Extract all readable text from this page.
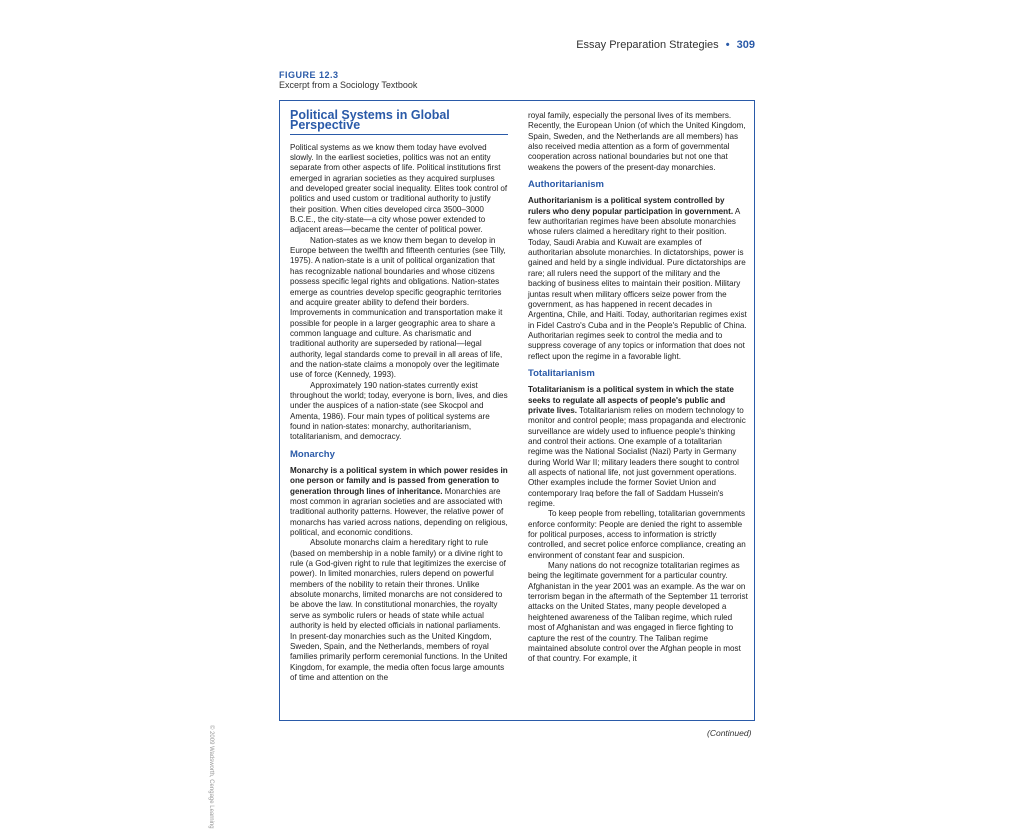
Essay Preparation Strategies • 309
FIGURE 12.3
Excerpt from a Sociology Textbook
Political Systems in Global Perspective

Political systems as we know them today have evolved slowly. In the earliest societies, politics was not an entity separate from other aspects of life. Political institutions first emerged in agrarian societies as they acquired surpluses and developed greater social inequality. Elites took control of politics and used custom or traditional authority to justify their position. When cities developed circa 3500–3000 B.C.E., the city-state—a city whose power extended to adjacent areas—became the center of political power.

Nation-states as we know them began to develop in Europe between the twelfth and fifteenth centuries (see Tilly, 1975). A nation-state is a unit of political organization that has recognizable national boundaries and whose citizens possess specific legal rights and obligations. Nation-states emerge as countries develop specific geographic territories and acquire greater ability to defend their borders. Improvements in communication and transportation make it possible for people in a larger geographic area to share a common language and culture. As charismatic and traditional authority are superseded by rational—legal authority, legal standards come to prevail in all areas of life, and the nation-state claims a monopoly over the legitimate use of force (Kennedy, 1993).

Approximately 190 nation-states currently exist throughout the world; today, everyone is born, lives, and dies under the auspices of a nation-state (see Skocpol and Amenta, 1986). Four main types of political systems are found in nation-states: monarchy, authoritarianism, totalitarianism, and democracy.

Monarchy

Monarchy is a political system in which power resides in one person or family and is passed from generation to generation through lines of inheritance. Monarchies are most common in agrarian societies and are associated with traditional authority patterns. However, the relative power of monarchs has varied across nations, depending on religious, political, and economic conditions.

Absolute monarchs claim a hereditary right to rule (based on membership in a noble family) or a divine right to rule (a God-given right to rule that legitimizes the exercise of power). In limited monarchies, rulers depend on powerful members of the nobility to retain their thrones. Unlike absolute monarchs, limited monarchs are not considered to be above the law. In constitutional monarchies, the royalty serve as symbolic rulers or heads of state while actual authority is held by elected officials in national parliaments. In present-day monarchies such as the United Kingdom, Sweden, Spain, and the Netherlands, members of royal families primarily perform ceremonial functions. In the United Kingdom, for example, the media often focus large amounts of time and attention on the

royal family, especially the personal lives of its members. Recently, the European Union (of which the United Kingdom, Spain, Sweden, and the Netherlands are all members) has also received media attention as a form of governmental cooperation across national boundaries but not one that weakens the powers of the present-day monarchies.

Authoritarianism

Authoritarianism is a political system controlled by rulers who deny popular participation in government. A few authoritarian regimes have been absolute monarchies whose rulers claimed a hereditary right to their position. Today, Saudi Arabia and Kuwait are examples of authoritarian absolute monarchies. In dictatorships, power is gained and held by a single individual. Pure dictatorships are rare; all rulers need the support of the military and the backing of business elites to maintain their position. Military juntas result when military officers seize power from the government, as has happened in recent decades in Argentina, Chile, and Haiti. Today, authoritarian regimes exist in Fidel Castro's Cuba and in the People's Republic of China. Authoritarian regimes seek to control the media and to suppress coverage of any topics or information that does not reflect upon the regime in a favorable light.

Totalitarianism

Totalitarianism is a political system in which the state seeks to regulate all aspects of people's public and private lives. Totalitarianism relies on modern technology to monitor and control people; mass propaganda and electronic surveillance are widely used to influence people's thinking and control their actions. One example of a totalitarian regime was the National Socialist (Nazi) Party in Germany during World War II; military leaders there sought to control all aspects of national life, not just government operations. Other examples include the former Soviet Union and contemporary Iraq before the fall of Saddam Hussein's regime.

To keep people from rebelling, totalitarian governments enforce conformity: People are denied the right to assemble for political purposes, access to information is strictly controlled, and secret police enforce compliance, creating an environment of constant fear and suspicion.

Many nations do not recognize totalitarian regimes as being the legitimate government for a particular country. Afghanistan in the year 2001 was an example. As the war on terrorism began in the aftermath of the September 11 terrorist attacks on the United States, many people developed a heightened awareness of the Taliban regime, which ruled most of Afghanistan and was engaged in fierce fighting to capture the rest of the country. The Taliban regime maintained absolute control over the Afghan people in most of that country. For example, it

© 2009 Wadsworth, Cengage Learning	(Continued)
